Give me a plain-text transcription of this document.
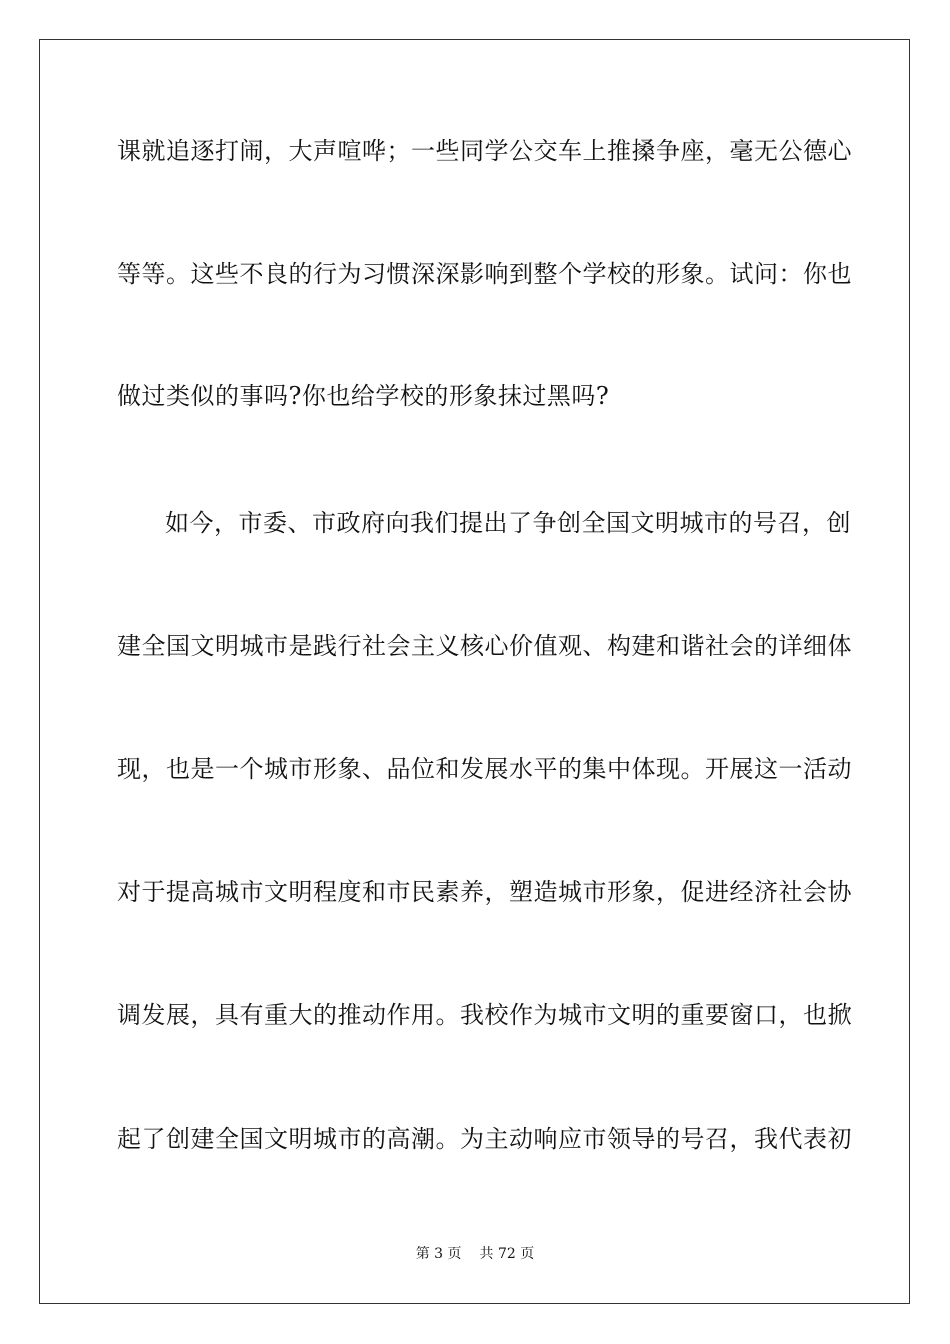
课就追逐打闹，大声喧哗；一些同学公交车上推搡争座，毫无公德心
等等。这些不良的行为习惯深深影响到整个学校的形象。试问：你也
做过类似的事吗?你也给学校的形象抹过黑吗?
如今，市委、市政府向我们提出了争创全国文明城市的号召，创
建全国文明城市是践行社会主义核心价值观、构建和谐社会的详细体
现，也是一个城市形象、品位和发展水平的集中体现。开展这一活动
对于提高城市文明程度和市民素养，塑造城市形象，促进经济社会协
调发展，具有重大的推动作用。我校作为城市文明的重要窗口，也掀
起了创建全国文明城市的高潮。为主动响应市领导的号召，我代表初
第 3 页 共 72 页
